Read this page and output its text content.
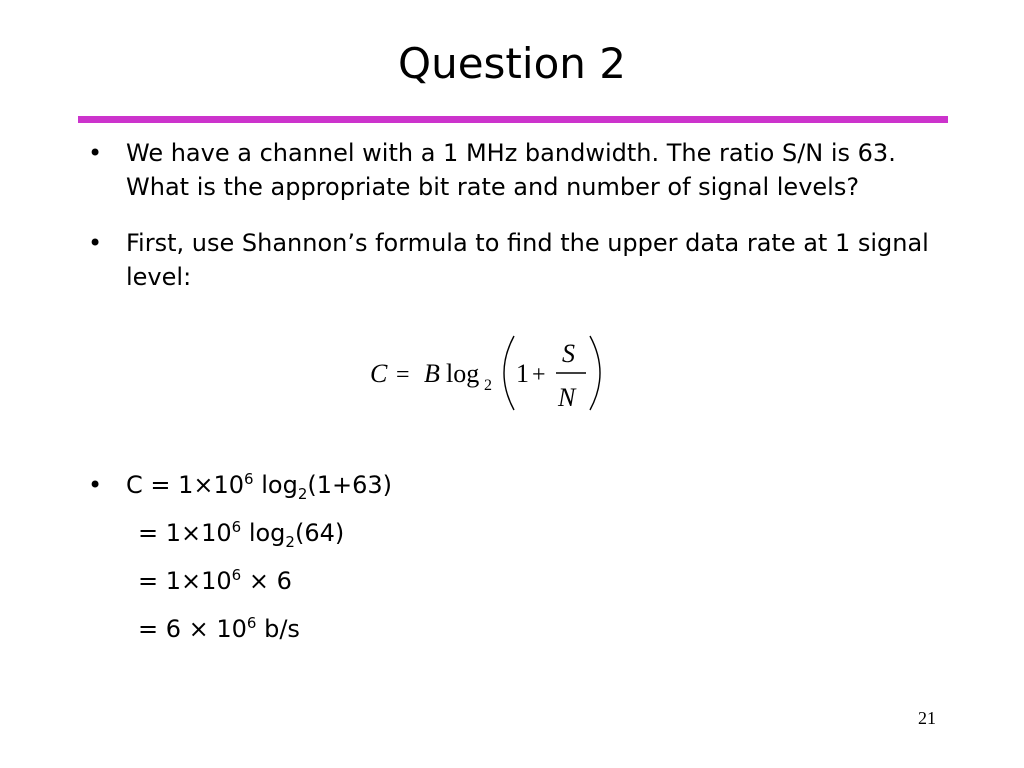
Question 2
• We have a channel with a 1 MHz bandwidth. The ratio S/N is 63. What is the appropriate bit rate and number of signal levels?
• First, use Shannon’s formula to find the upper data rate at 1 signal level:
C = B log 2 1 +
S
N
• $C = 1\times 10^6$ $\log_2(1+63)$
= $1\times 10^6$ $\log_2(64)$
= $1\times 10^6 \times 6$
= $6 \times 10^6$ b/s
21
